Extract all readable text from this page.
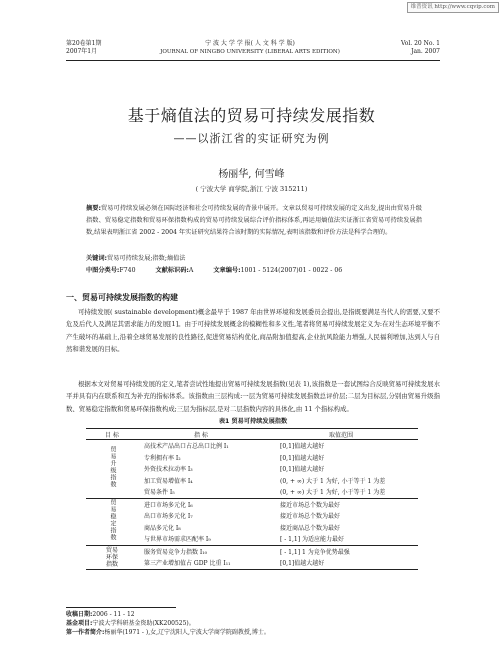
维普资讯 http://www.cqvip.com
第20卷第1期
2007年1月
宁 波 大 学 学 报( 人 文 科 学 版)
JOURNAL OF NINGBO UNIVERSITY (LIBERAL ARTS EDITION)
Vol. 20 No. 1
Jan. 2007
基于熵值法的贸易可持续发展指数
——以浙江省的实证研究为例
杨丽华, 何雪峰
( 宁波大学 商学院,浙江 宁波 315211)
摘要:贸易可持续发展必须在国际经济和社会可持续发展的背景中展开。文章以贸易可持续发展的定义出发,提出由贸易升级指数、贸易稳定指数和贸易环保指数构成的贸易可持续发展综合评价指标体系,再运用熵值法实证浙江省贸易可持续发展指数,结果表明浙江省 2002 - 2004 年实证研究结果符合该时期的实际情况,表明该指数和评价方法是科学合理的。
关键词:贸易可持续发展;指数;熵值法
中图分类号:F740	文献标识码:A	文章编号:1001 - 5124(2007)01 - 0022 - 06
一、贸易可持续发展指数的构建
可持续发展( sustainable development)概念最早于 1987 年由世界环境和发展委员会提出,是指既要满足当代人的需要,又要不危及后代人及满足其需求能力的发展[1]。由于可持续发展概念的模糊性和多义性,笔者将贸易可持续发展定义为:在对生态环境平衡不产生破坏的基础上,沿着全球贸易发展的良性路径,促进贸易结构优化,商品附加值提高,企业抗风险能力增强,人民福利增加,达到人与自然和谐发展的目标。
根据本文对贸易可持续发展的定义,笔者尝试性地提出贸易可持续发展指数(见表 1),该指数是一套试图综合反映贸易可持续发展水平并具有内在联系和互为补充的指标体系。该指数由三层构成:一层为贸易可持续发展指数总评价层;二层为目标层,分别由贸易升级指数、贸易稳定指数和贸易环保指数构成;三层为指标层,是对二层指数内容的具体化,由 11 个指标构成。
表1 贸易可持续发展指数
目 标	指 标	取值范围
贸易升级指数	高技术产品出口占总出口比例 I₁	[0,1]值越大越好
	专利拥有率 I₂	[0,1]值越大越好
	外资技术拉动率 I₃	[0,1]值越大越好
	加工贸易增值率 I₄	(0, + ∞) 大于 1 为好, 小于等于 1 为差
	贸易条件 I₅	(0, + ∞) 大于 1 为好, 小于等于 1 为差
贸易稳定指数	进口市场多元化 I₆	接近市场总个数为最好
	出口市场多元化 I₇	接近市场总个数为最好
	商品多元化 I₈	接近商品总个数为最好
	与世界市场需求匹配率 I₉	[ - 1,1] 为适应能力最好

贸易环保指数	服务贸易竞争力指数 I₁₀	[ - 1,1] 1 为竞争优势最强
	第三产业增加值占 GDP 比重 I₁₁	[0,1]值越大越好
收稿日期:2006 - 11 - 12
基金项目:宁波大学科研基金资助(XK200525)。
第一作者简介:杨丽华(1971 - ),女,辽宁沈阳人,宁波大学商学院副教授,博士。
